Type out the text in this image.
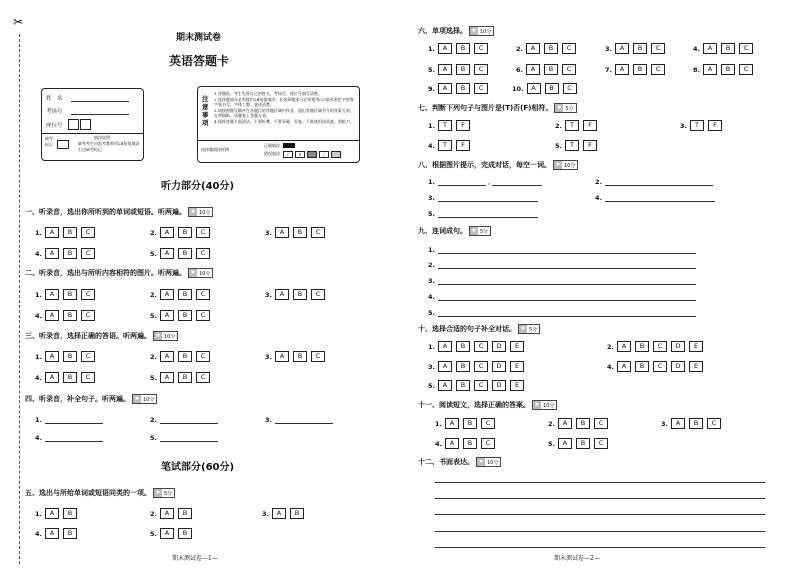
✂
期末测试卷
英语答题卡
姓　名
考场号
座位号
缺考标记
填涂说明
缺考考生由监考教师用2B铅笔填涂右边缺考标记
注意事项
1.答题前，考生先将自己的姓名、考场号、座位号填写清楚。
2.选择题部分必须使用2B铅笔填涂；非选择题部分必须使用0.5毫米黑色字迹签字笔书写，字体工整、笔迹清楚。
3.请按照题号顺序在各题目的答题区域内作答，超出答题区域书写的答案无效；在草稿纸、试题卷上答题无效。
4.保持答题卡面清洁，不要折叠、不要弄破、弄皱，不准使用涂改液、刮纸刀。
选择题填涂样例
正确填涂
错误填涂	✓	✗	/
听力部分(40分)
一、听录音，选出你所听到的单词或短语。听两遍。 ★ 10分
1.	A	B	C	2.	A	B	C	3.	A	B	C
4.	A	B	C	5.	A	B	C
二、听录音，选出与所听内容相符的图片。听两遍。 ★ 10分
1.	A	B	C	2.	A	B	C	3.	A	B	C
4.	A	B	C	5.	A	B	C
三、听录音，选择正确的答语。听两遍。 ★ 10分
1.	A	B	C	2.	A	B	C	3.	A	B	C
4.	A	B	C	5.	A	B	C
四、听录音，补全句子。听两遍。 ★ 10分
1.	2.	3.
4.	5.
笔试部分(60分)
五、选出与所给单词或短语同类的一项。 ★ 5分
1.	A	B	2.	A	B	3.	A	B
4.	A	B	5.	A	B
期末测试卷—1—
六、单项选择。 ★ 10分
1.	A	B	C	2.	A	B	C	3.	A	B	C	4.	A	B	C
5.	A	B	C	6.	A	B	C	7.	A	B	C	8.	A	B	C
9.	A	B	C	10.	A	B	C
七、判断下列句子与图片是(T)否(F)相符。 ★ 5分
1.	T	F	2.	T	F	3.	T	F
4.	T	F	5.	T	F
八、根据图片提示，完成对话，每空一词。 ★ 10分
1.	,	2.
3.	4.
5.
九、连词成句。 ★ 5分
1.
2.
3.
4.
5.
十、选择合适的句子补全对话。 ★ 5分
1.	A	B	C	D	E	2.	A	B	C	D	E
3.	A	B	C	D	E	4.	A	B	C	D	E
5.	A	B	C	D	E
十一、阅读短文，选择正确的答案。 ★ 10分
1.	A	B	C	2.	A	B	C	3.	A	B	C
4.	A	B	C	5.	A	B	C
十二、书面表达。 ★ 10分
期末测试卷—2—
